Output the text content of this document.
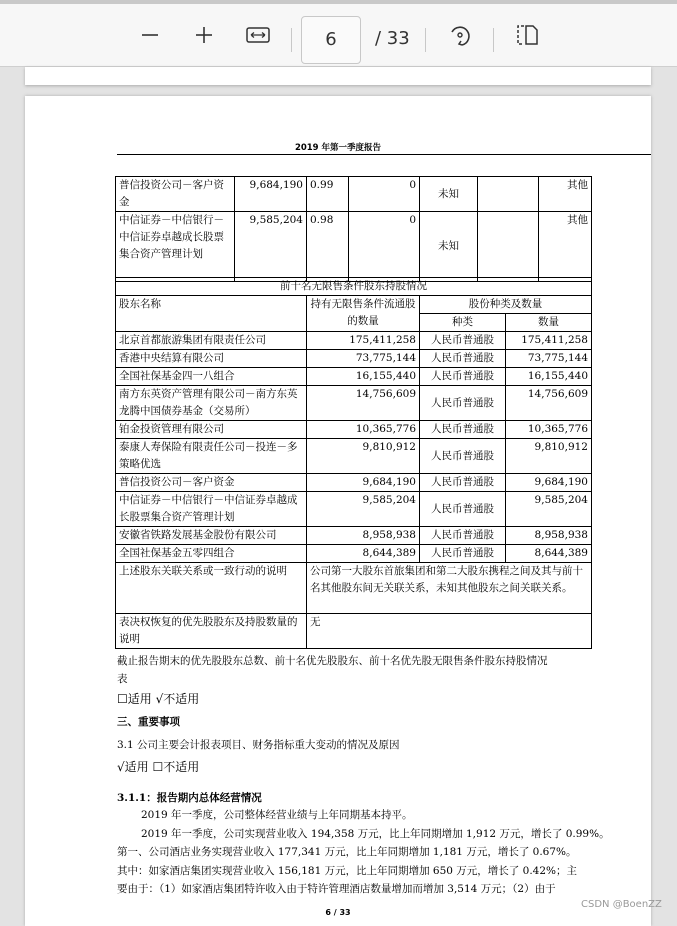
6	/ 33
2019 年第一季度报告
普信投资公司－客户资金	9,684,190	0.99	0	未知		其他
中信证券－中信银行－中信证券卓越成长股票集合资产管理计划	9,585,204	0.98	0	未知		其他
前十名无限售条件股东持股情况			
股东名称	持有无限售条件流通股的数量	股份种类及数量	
		种类	数量
北京首都旅游集团有限责任公司	175,411,258	人民币普通股	175,411,258
香港中央结算有限公司	73,775,144	人民币普通股	73,775,144
全国社保基金四一八组合	16,155,440	人民币普通股	16,155,440
南方东英资产管理有限公司－南方东英龙腾中国债券基金（交易所）	14,756,609	人民币普通股	14,756,609
铂金投资管理有限公司	10,365,776	人民币普通股	10,365,776
泰康人寿保险有限责任公司－投连－多策略优选	9,810,912	人民币普通股	9,810,912
普信投资公司－客户资金	9,684,190	人民币普通股	9,684,190
中信证券－中信银行－中信证券卓越成长股票集合资产管理计划	9,585,204	人民币普通股	9,585,204
安徽省铁路发展基金股份有限公司	8,958,938	人民币普通股	8,958,938
全国社保基金五零四组合	8,644,389	人民币普通股	8,644,389
上述股东关联关系或一致行动的说明	公司第一大股东首旅集团和第二大股东携程之间及其与前十名其他股东间无关联关系，未知其他股东之间关联关系。		
表决权恢复的优先股股东及持股数量的说明	无		
截止报告期末的优先股股东总数、前十名优先股股东、前十名优先股无限售条件股东持股情况
表
☐适用 √不适用
三、重要事项
3.1 公司主要会计报表项目、财务指标重大变动的情况及原因
√适用 ☐不适用
3.1.1：报告期内总体经营情况
2019 年一季度，公司整体经营业绩与上年同期基本持平。
2019 年一季度，公司实现营业收入 194,358 万元，比上年同期增加 1,912 万元，增长了 0.99%。
第一、公司酒店业务实现营业收入 177,341 万元，比上年同期增加 1,181 万元，增长了 0.67%。
其中：如家酒店集团实现营业收入 156,181 万元，比上年同期增加 650 万元，增长了 0.42%；主
要由于：（1）如家酒店集团特许收入由于特许管理酒店数量增加而增加 3,514 万元；（2）由于
6 / 33
CSDN @BoenZZ
